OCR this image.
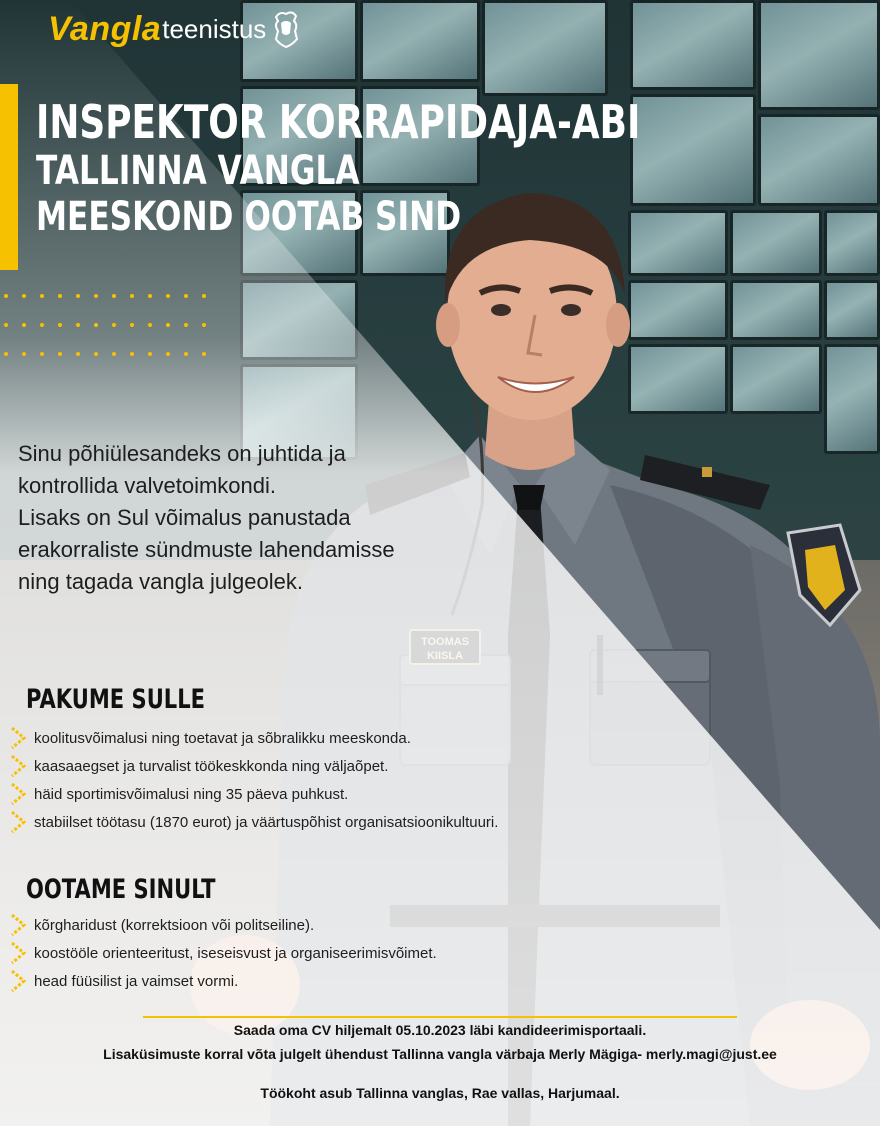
Vangla teenistus
INSPEKTOR KORRAPIDAJA-ABI
TALLINNA VANGLA
MEESKOND OOTAB SIND
Sinu põhiülesandeks on juhtida ja
kontrollida valvetoimkondi.
Lisaks on Sul võimalus panustada
erakorraliste sündmuste lahendamisse
ning tagada vangla julgeolek.
PAKUME SULLE
koolitusvõimalusi ning toetavat ja sõbralikku meeskonda.
kaasaaegset ja turvalist töökeskkonda ning väljaõpet.
häid sportimisvõimalusi ning 35 päeva puhkust.
stabiilset töötasu (1870 eurot) ja väärtuspõhist organisatsioonikultuuri.
OOTAME SINULT
kõrgharidust (korrektsioon või politseiline).
koostööle orienteeritust, iseseisvust ja organiseerimisvõimet.
head füüsilist ja vaimset vormi.
Saada oma CV hiljemalt 05.10.2023 läbi kandideerimisportaali.
Lisaküsimuste korral võta julgelt ühendust Tallinna vangla värbaja Merly Mägiga- merly.magi@just.ee
Töökoht asub Tallinna vanglas, Rae vallas, Harjumaal.
